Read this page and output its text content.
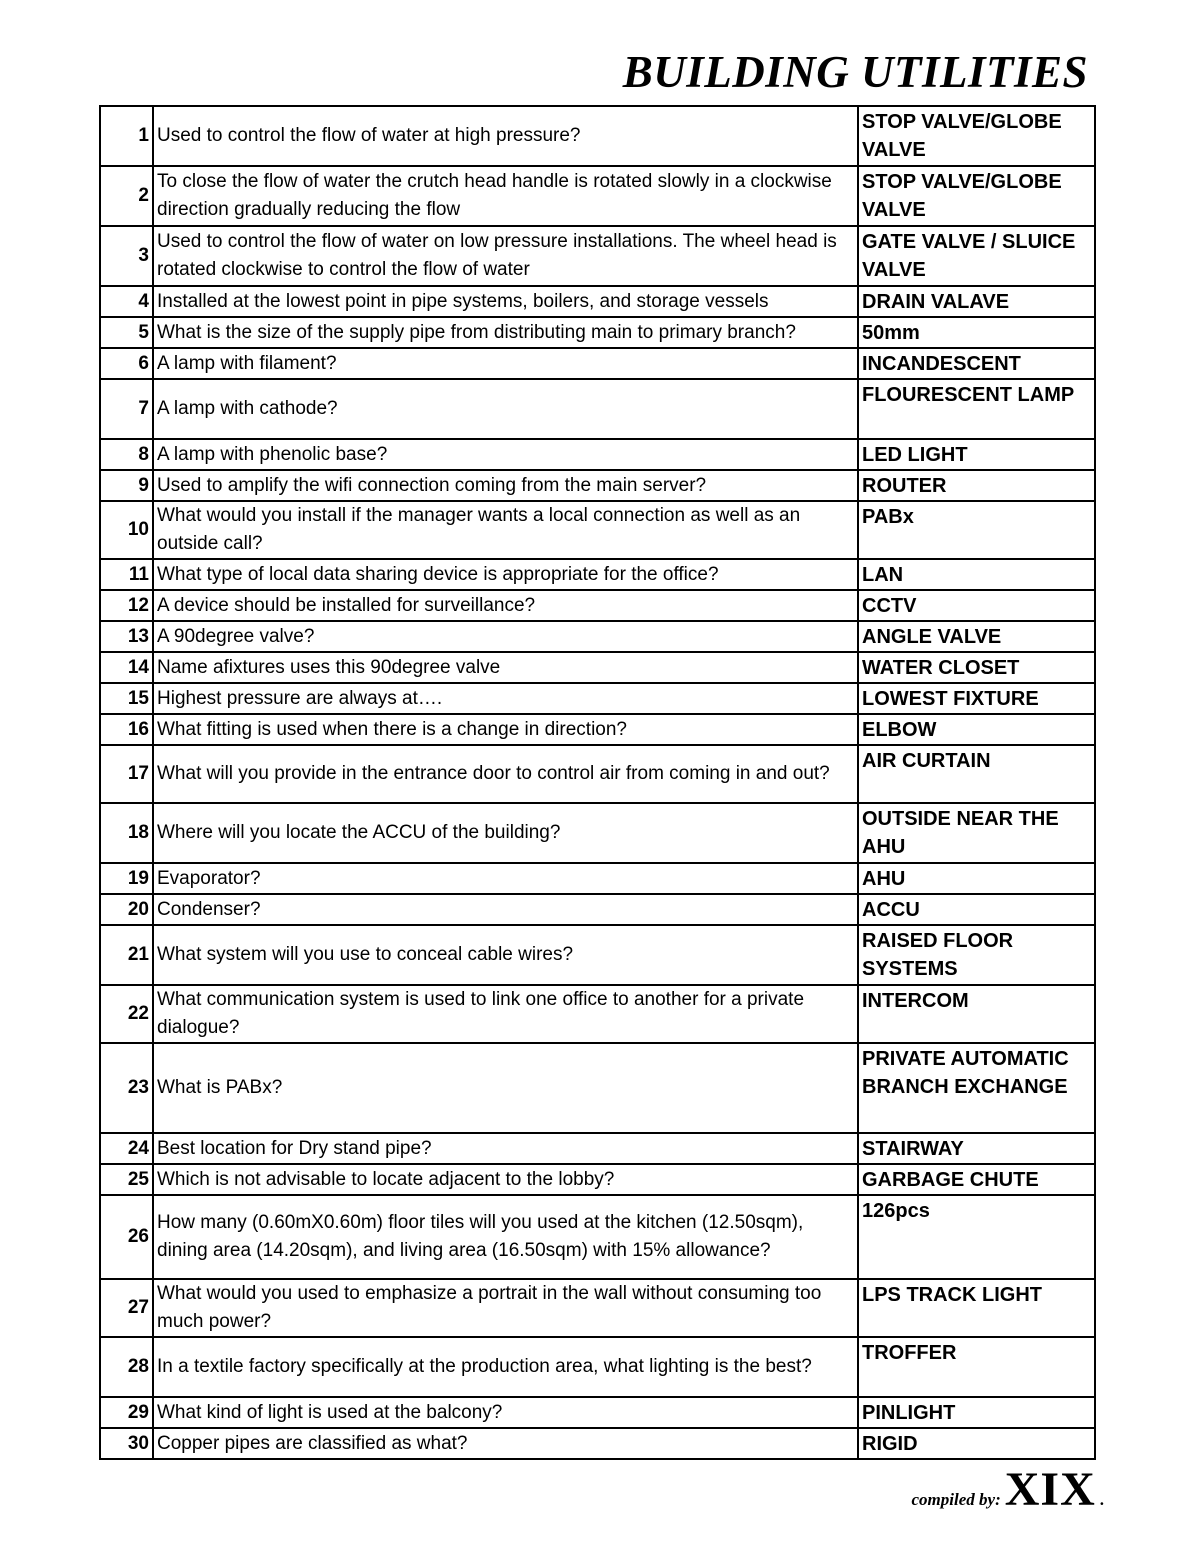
BUILDING UTILITIES
1	Used to control the flow of water at high pressure?	STOP VALVE/GLOBE VALVE
2	To close the flow of water the crutch head handle is rotated slowly in a clockwise direction gradually reducing the flow	STOP VALVE/GLOBE VALVE
3	Used to control the flow of water on low pressure installations. The wheel head is rotated clockwise to control the flow of water	GATE VALVE / SLUICE VALVE
4	Installed at the lowest point in pipe systems, boilers, and storage vessels	DRAIN VALAVE
5	What is the size of the supply pipe from distributing main to primary branch?	50mm
6	A lamp with filament?	INCANDESCENT
7	A lamp with cathode?	FLOURESCENT LAMP
8	A lamp with phenolic base?	LED LIGHT
9	Used to amplify the wifi connection coming from the main server?	ROUTER
10	What would you install if the manager wants a local connection as well as an outside call?	PABx
11	What type of local data sharing device is appropriate for the office?	LAN
12	A device should be installed for surveillance?	CCTV
13	A 90degree valve?	ANGLE VALVE
14	Name afixtures uses this 90degree valve	WATER CLOSET
15	Highest pressure are always at….	LOWEST FIXTURE
16	What fitting is used when there is a change in direction?	ELBOW
17	What will you provide in the entrance door to control air from coming in and out?	AIR CURTAIN
18	Where will you locate the ACCU of the building?	OUTSIDE NEAR THE AHU
19	Evaporator?	AHU
20	Condenser?	ACCU
21	What system will you use to conceal cable wires?	RAISED FLOOR SYSTEMS
22	What communication system is used to link one office to another for a private dialogue?	INTERCOM
23	What is PABx?	PRIVATE AUTOMATIC BRANCH EXCHANGE
24	Best location for Dry stand pipe?	STAIRWAY
25	Which is not advisable to locate adjacent to the lobby?	GARBAGE CHUTE
26	How many (0.60mX0.60m) floor tiles will you used at the kitchen (12.50sqm), dining area (14.20sqm), and living area (16.50sqm) with 15% allowance?	126pcs
27	What would you used to emphasize a portrait in the wall without consuming too much power?	LPS TRACK LIGHT
28	In a textile factory specifically at the production area, what lighting is the best?	TROFFER
29	What kind of light is used at the balcony?	PINLIGHT
30	Copper pipes are classified as what?	RIGID
compiled by: XIX .
